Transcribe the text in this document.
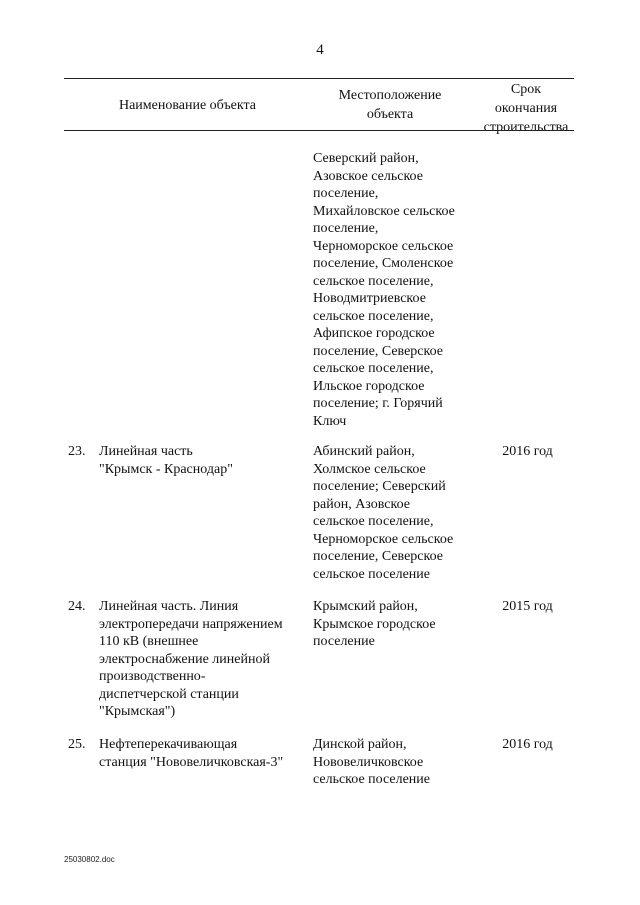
4
Наименование объекта
Местоположение
объекта
Срок
окончания
строительства
Северский район,
Азовское сельское
поселение,
Михайловское сельское
поселение,
Черноморское сельское
поселение, Смоленское
сельское поселение,
Новодмитриевское
сельское поселение,
Афипское городское
поселение, Северское
сельское поселение,
Ильское городское
поселение; г. Горячий
Ключ
23. Линейная часть
"Крымск - Краснодар"
Абинский район,
Холмское сельское
поселение; Северский
район, Азовское
сельское поселение,
Черноморское сельское
поселение, Северское
сельское поселение
2016 год
24. Линейная часть. Линия
электропередачи напряжением
110 кВ (внешнее
электроснабжение линейной
производственно-
диспетчерской станции
"Крымская")
Крымский район,
Крымское городское
поселение
2015 год
25. Нефтеперекачивающая
станция "Нововеличковская-3"
Динской район,
Нововеличковское
сельское поселение
2016 год
25030802.doc
